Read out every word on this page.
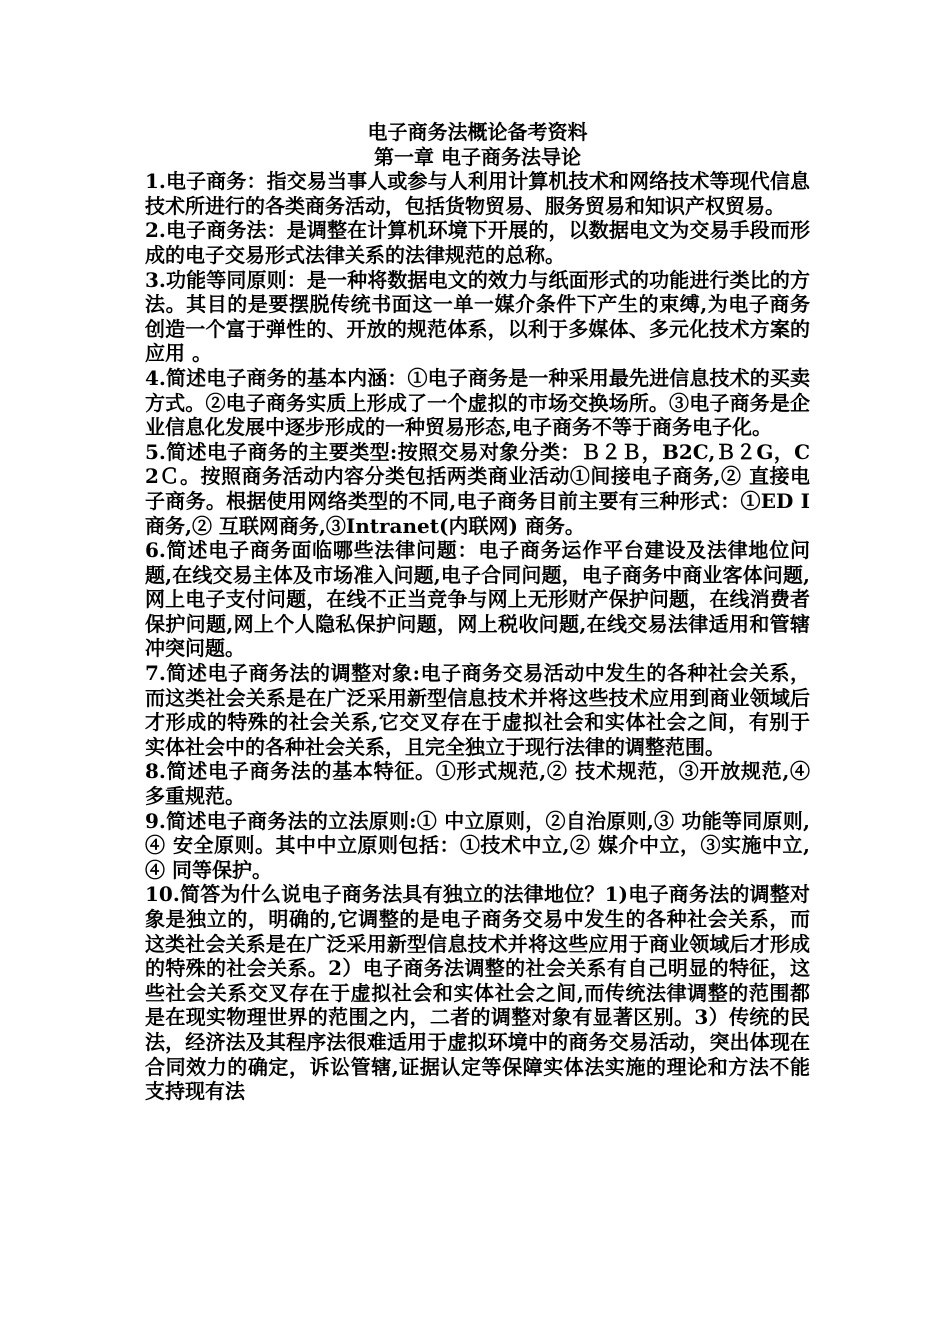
电子商务法概论备考资料

第一章 电子商务法导论

1.电子商务：指交易当事人或参与人利用计算机技术和网络技术等现代信息技术所进行的各类商务活动，包括货物贸易、服务贸易和知识产权贸易。

2.电子商务法：是调整在计算机环境下开展的，以数据电文为交易手段而形成的电子交易形式法律关系的法律规范的总称。

3.功能等同原则：是一种将数据电文的效力与纸面形式的功能进行类比的方法。其目的是要摆脱传统书面这一单一媒介条件下产生的束缚,为电子商务创造一个富于弹性的、开放的规范体系，以利于多媒体、多元化技术方案的应用 。

4.简述电子商务的基本内涵：①电子商务是一种采用最先进信息技术的买卖方式。②电子商务实质上形成了一个虚拟的市场交换场所。③电子商务是企业信息化发展中逐步形成的一种贸易形态,电子商务不等于商务电子化。

5.简述电子商务的主要类型:按照交易对象分类：Ｂ２Ｂ，B2C,Ｂ２G，C2Ｃ。按照商务活动内容分类包括两类商业活动①间接电子商务,② 直接电子商务。根据使用网络类型的不同,电子商务目前主要有三种形式：①ED I 商务,② 互联网商务,③Intranet(内联网) 商务。

6.简述电子商务面临哪些法律问题：电子商务运作平台建设及法律地位问题,在线交易主体及市场准入问题,电子合同问题，电子商务中商业客体问题,网上电子支付问题，在线不正当竞争与网上无形财产保护问题，在线消费者保护问题,网上个人隐私保护问题，网上税收问题,在线交易法律适用和管辖冲突问题。

7.简述电子商务法的调整对象:电子商务交易活动中发生的各种社会关系，而这类社会关系是在广泛采用新型信息技术并将这些技术应用到商业领域后才形成的特殊的社会关系,它交叉存在于虚拟社会和实体社会之间，有别于实体社会中的各种社会关系，且完全独立于现行法律的调整范围。

8.简述电子商务法的基本特征。①形式规范,② 技术规范，③开放规范,④ 多重规范。

9.简述电子商务法的立法原则:① 中立原则，②自治原则,③ 功能等同原则,④ 安全原则。其中中立原则包括：①技术中立,② 媒介中立，③实施中立,④ 同等保护。

10.简答为什么说电子商务法具有独立的法律地位？1)电子商务法的调整对象是独立的，明确的,它调整的是电子商务交易中发生的各种社会关系，而这类社会关系是在广泛采用新型信息技术并将这些应用于商业领域后才形成的特殊的社会关系。2）电子商务法调整的社会关系有自己明显的特征，这些社会关系交叉存在于虚拟社会和实体社会之间,而传统法律调整的范围都是在现实物理世界的范围之内，二者的调整对象有显著区别。3）传统的民法，经济法及其程序法很难适用于虚拟环境中的商务交易活动，突出体现在合同效力的确定，诉讼管辖,证据认定等保障实体法实施的理论和方法不能支持现有法
